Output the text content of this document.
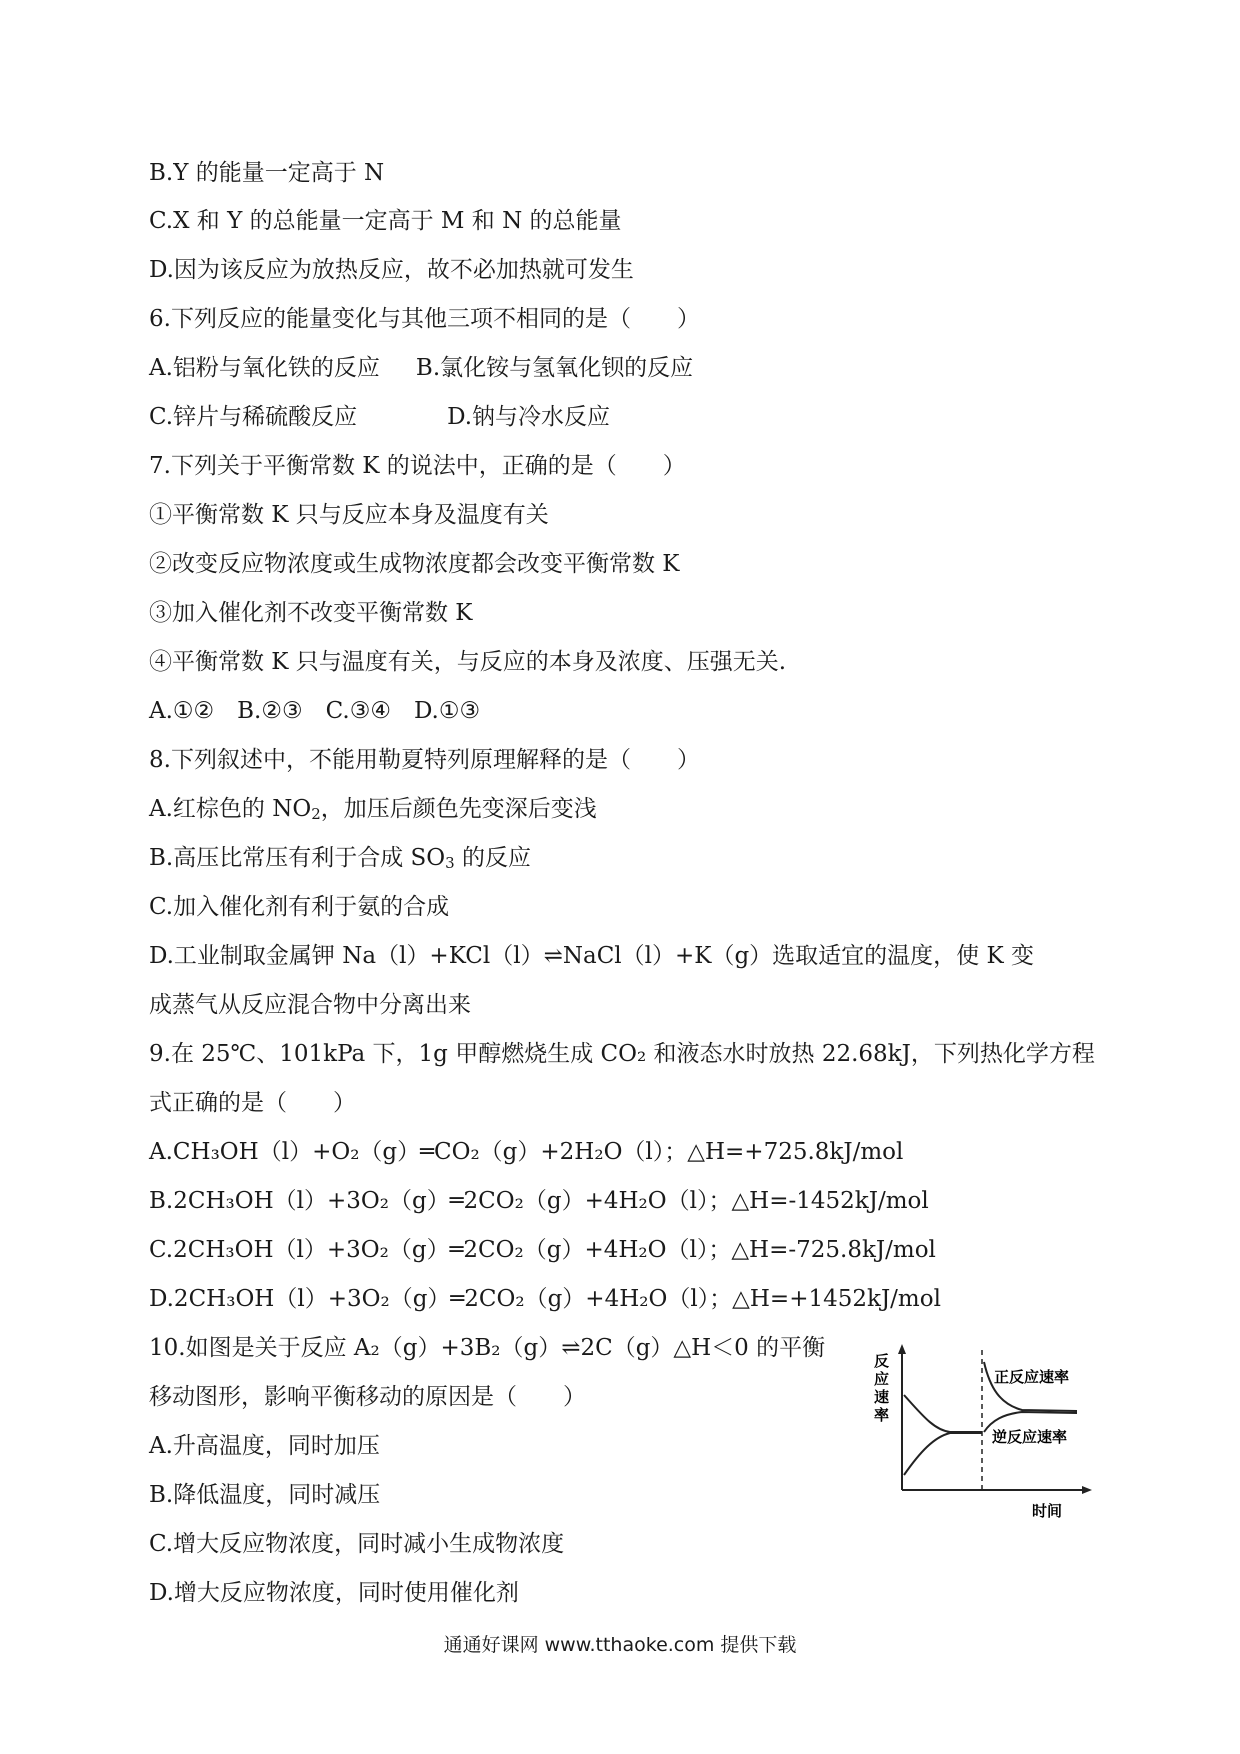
B.Y 的能量一定高于 N
C.X 和 Y 的总能量一定高于 M 和 N 的总能量
D.因为该反应为放热反应，故不必加热就可发生
6.下列反应的能量变化与其他三项不相同的是（　　）
A.铝粉与氧化铁的反应 B.氯化铵与氢氧化钡的反应
C.锌片与稀硫酸反应	D.钠与冷水反应
7.下列关于平衡常数 K 的说法中，正确的是（　　）
①平衡常数 K 只与反应本身及温度有关
②改变反应物浓度或生成物浓度都会改变平衡常数 K
③加入催化剂不改变平衡常数 K
④平衡常数 K 只与温度有关，与反应的本身及浓度、压强无关.
A.①②　B.②③　C.③④　D.①③
8.下列叙述中，不能用勒夏特列原理解释的是（　　）
A.红棕色的 $NO_2$，加压后颜色先变深后变浅
B.高压比常压有利于合成 $SO_3$ 的反应
C.加入催化剂有利于氨的合成
D.工业制取金属钾 Na（l）+KCl（l）⇌NaCl（l）+K（g）选取适宜的温度，使 K 变
成蒸气从反应混合物中分离出来
9.在 25℃、101kPa 下，1g 甲醇燃烧生成 CO₂ 和液态水时放热 22.68kJ，下列热化学方程
式正确的是（　　）
A.CH₃OH（l）+O₂（g）═CO₂（g）+2H₂O（l）；△H=+725.8kJ/mol
B.2CH₃OH（l）+3O₂（g）═2CO₂（g）+4H₂O（l）；△H=-1452kJ/mol
C.2CH₃OH（l）+3O₂（g）═2CO₂（g）+4H₂O（l）；△H=-725.8kJ/mol
D.2CH₃OH（l）+3O₂（g）═2CO₂（g）+4H₂O（l）；△H=+1452kJ/mol
10.如图是关于反应 A₂（g）+3B₂（g）⇌2C（g）△H＜0 的平衡
移动图形，影响平衡移动的原因是（　　）
A.升高温度，同时加压
B.降低温度，同时减压
C.增大反应物浓度，同时减小生成物浓度
D.增大反应物浓度，同时使用催化剂
反
应
速
率
时间
正反应速率
逆反应速率
通通好课网 www.tthaoke.com 提供下载
